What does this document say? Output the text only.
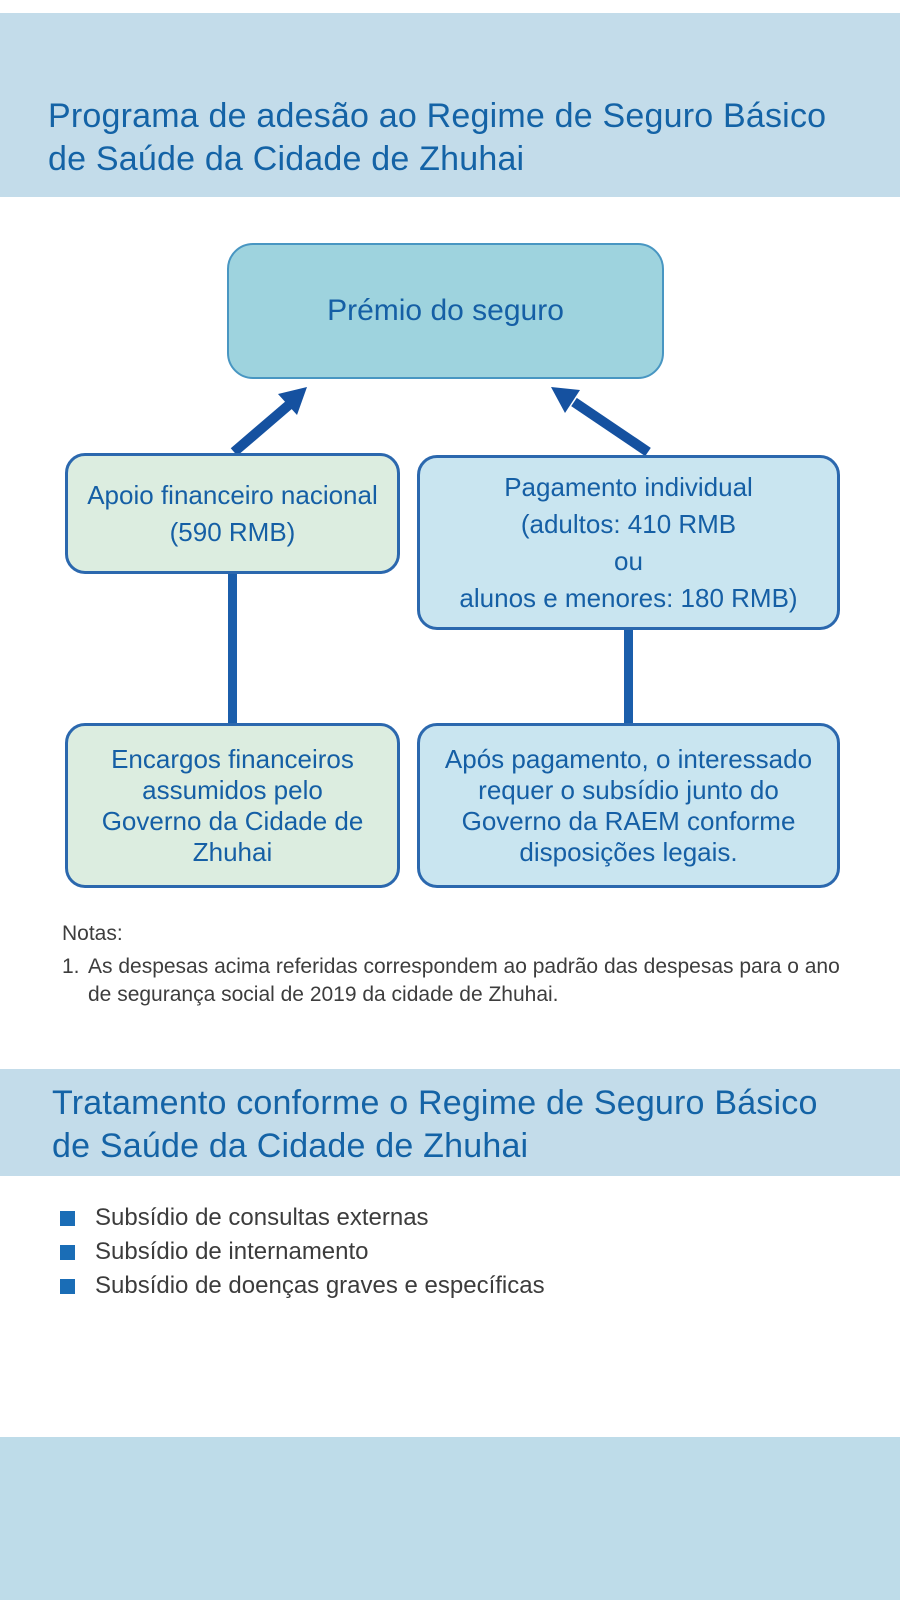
Programa de adesão ao Regime de Seguro Básico
de Saúde da Cidade de Zhuhai
Prémio do seguro
Apoio financeiro nacional
(590 RMB)
Pagamento individual
(adultos: 410 RMB
ou
alunos e menores: 180 RMB)
Encargos financeiros
assumidos pelo
Governo da Cidade de
Zhuhai
Após pagamento, o interessado
requer o subsídio junto do
Governo da RAEM conforme
disposições legais.
Notas:
1. As despesas acima referidas correspondem ao padrão das despesas para o ano
de segurança social de 2019 da cidade de Zhuhai.
Tratamento conforme o Regime de Seguro Básico
de Saúde da Cidade de Zhuhai
Subsídio de consultas externas
Subsídio de internamento
Subsídio de doenças graves e específicas
